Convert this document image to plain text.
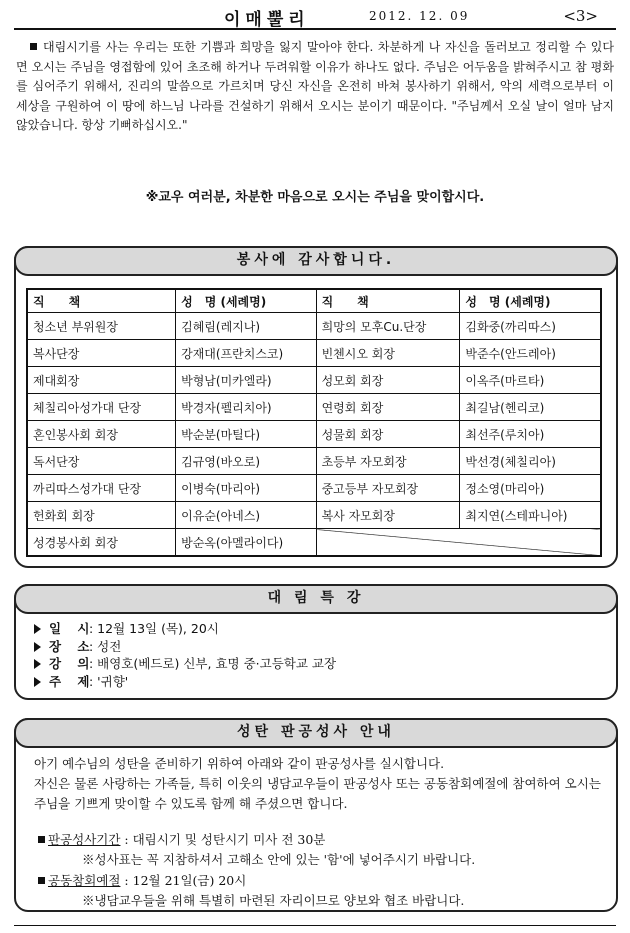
이매뿔리	2012. 12. 09	<3>
대림시기를 사는 우리는 또한 기쁨과 희망을 잃지 말아야 한다. 차분하게 나 자신을 돌러보고 정리할 수 있다면 오시는 주님을 영접함에 있어 초조해 하거나 두려워할 이유가 하나도 없다. 주님은 어두움을 밝혀주시고 참 평화를 심어주기 위해서, 진리의 말씀으로 가르치며 당신 자신을 온전히 바쳐 봉사하기 위해서, 악의 세력으로부터 이 세상을 구원하여 이 땅에 하느님 나라를 건설하기 위해서 오시는 분이기 때문이다. "주님께서 오실 날이 얼마 남지 않았습니다. 항상 기뻐하십시오."
※교우 여러분, 차분한 마음으로 오시는 주님을 맞이합시다.
봉사에 감사합니다.
직　　책	성　명 (세례명)	직　　책	성　명 (세례명)
청소년 부위원장	김혜림(레지나)	희망의 모후Cu.단장	김화중(까리따스)
복사단장	강재대(프란치스코)	빈첸시오 회장	박준수(안드레아)
제대회장	박형남(미카엘라)	성모회 회장	이옥주(마르타)
체칠리아성가대 단장	박경자(펠리치아)	연령회 회장	최길남(헨리코)
혼인봉사회 회장	박순분(마틸다)	성물회 회장	최선주(루치아)
독서단장	김규영(바오로)	초등부 자모회장	박선경(체칠리아)
까리따스성가대 단장	이병숙(마리아)	중고등부 자모회장	정소영(마리아)
헌화회 회장	이유순(아네스)	복사 자모회장	최지연(스테파니아)
성경봉사회 회장	방순옥(아멜라이다)		
대 림 특 강
일 시: 12월 13일 (목), 20시
장 소: 성전
강 의: 배영호(베드로) 신부, 효명 중·고등학교 교장
주 제: '귀향'
성탄 판공성사 안내
아기 예수님의 성탄을 준비하기 위하여 아래와 같이 판공성사를 실시합니다.
자신은 물론 사랑하는 가족들, 특히 이웃의 냉담교우들이 판공성사 또는 공동참회예절에 참여하여 오시는 주님을 기쁘게 맞이할 수 있도록 함께 해 주셨으면 합니다.
판공성사기간 : 대림시기 및 성탄시기 미사 전 30분
※성사표는 꼭 지참하셔서 고해소 안에 있는 '함'에 넣어주시기 바랍니다.
공동참회예절 : 12월 21일(금) 20시
※냉담교우들을 위해 특별히 마련된 자리이므로 양보와 협조 바랍니다.
